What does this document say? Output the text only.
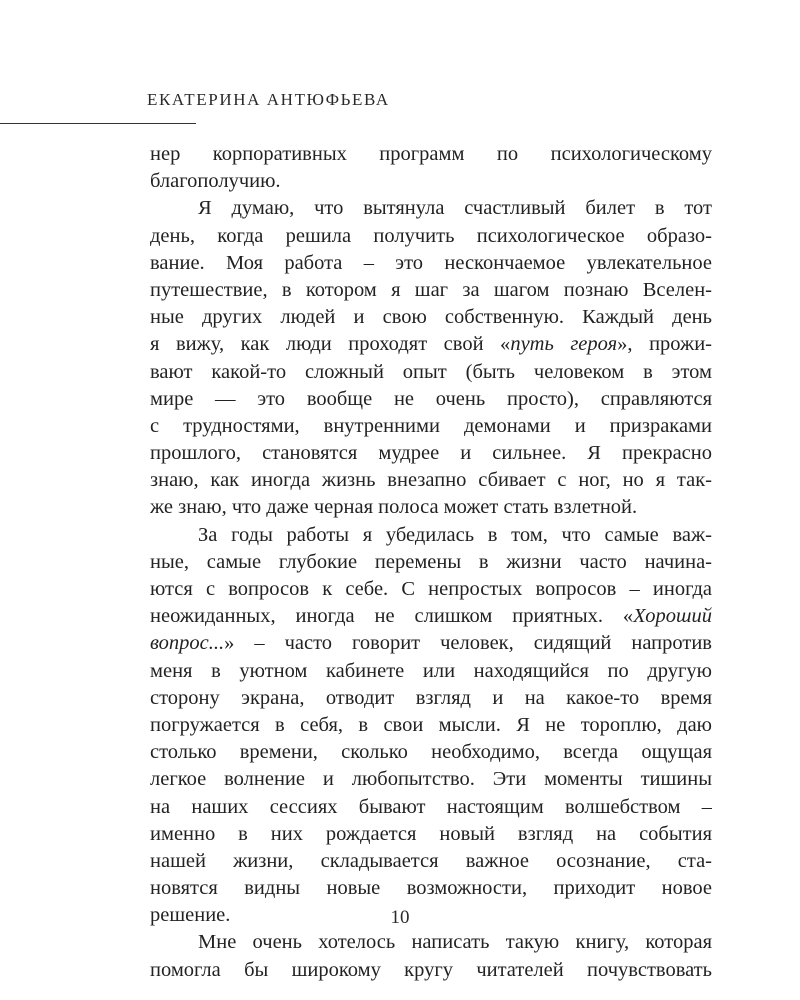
ЕКАТЕРИНА АНТЮФЬЕВА
нер корпоративных программ по психологическому
благополучию.
Я думаю, что вытянула счастливый билет в тот
день, когда решила получить психологическое образо-
вание. Моя работа – это нескончаемое увлекательное
путешествие, в котором я шаг за шагом познаю Вселен-
ные других людей и свою собственную. Каждый день
я вижу, как люди проходят свой «путь героя», прожи-
вают какой-то сложный опыт (быть человеком в этом
мире — это вообще не очень просто), справляются
с трудностями, внутренними демонами и призраками
прошлого, становятся мудрее и сильнее. Я прекрасно
знаю, как иногда жизнь внезапно сбивает с ног, но я так-
же знаю, что даже черная полоса может стать взлетной.
За годы работы я убедилась в том, что самые важ-
ные, самые глубокие перемены в жизни часто начина-
ются с вопросов к себе. С непростых вопросов – иногда
неожиданных, иногда не слишком приятных. «Хороший
вопрос...» – часто говорит человек, сидящий напротив
меня в уютном кабинете или находящийся по другую
сторону экрана, отводит взгляд и на какое-то время
погружается в себя, в свои мысли. Я не тороплю, даю
столько времени, сколько необходимо, всегда ощущая
легкое волнение и любопытство. Эти моменты тишины
на наших сессиях бывают настоящим волшебством –
именно в них рождается новый взгляд на события
нашей жизни, складывается важное осознание, ста-
новятся видны новые возможности, приходит новое
решение.
Мне очень хотелось написать такую книгу, которая
помогла бы широкому кругу читателей почувствовать
10
